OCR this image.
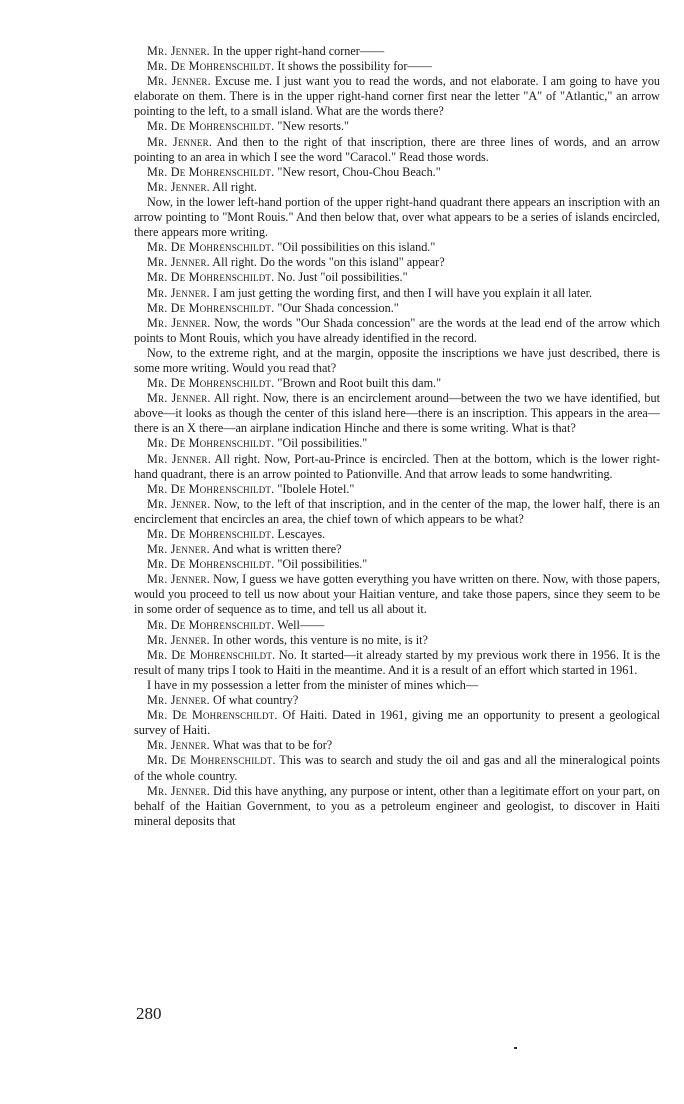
Mr. Jenner. In the upper right-hand corner——

Mr. De Mohrenschildt. It shows the possibility for——

Mr. Jenner. Excuse me. I just want you to read the words, and not elaborate. I am going to have you elaborate on them. There is in the upper right-hand corner first near the letter "A" of "Atlantic," an arrow pointing to the left, to a small island. What are the words there?

Mr. De Mohrenschildt. "New resorts."

Mr. Jenner. And then to the right of that inscription, there are three lines of words, and an arrow pointing to an area in which I see the word "Caracol." Read those words.

Mr. De Mohrenschildt. "New resort, Chou-Chou Beach."

Mr. Jenner. All right.

Now, in the lower left-hand portion of the upper right-hand quadrant there appears an inscription with an arrow pointing to "Mont Rouis." And then below that, over what appears to be a series of islands encircled, there appears more writing.

Mr. De Mohrenschildt. "Oil possibilities on this island."

Mr. Jenner. All right. Do the words "on this island" appear?

Mr. De Mohrenschildt. No. Just "oil possibilities."

Mr. Jenner. I am just getting the wording first, and then I will have you explain it all later.

Mr. De Mohrenschildt. "Our Shada concession."

Mr. Jenner. Now, the words "Our Shada concession" are the words at the lead end of the arrow which points to Mont Rouis, which you have already identified in the record.

Now, to the extreme right, and at the margin, opposite the inscriptions we have just described, there is some more writing. Would you read that?

Mr. De Mohrenschildt. "Brown and Root built this dam."

Mr. Jenner. All right. Now, there is an encirclement around—between the two we have identified, but above—it looks as though the center of this island here—there is an inscription. This appears in the area—there is an X there—an airplane indication Hinche and there is some writing. What is that?

Mr. De Mohrenschildt. "Oil possibilities."

Mr. Jenner. All right. Now, Port-au-Prince is encircled. Then at the bottom, which is the lower right-hand quadrant, there is an arrow pointed to Pationville. And that arrow leads to some handwriting.

Mr. De Mohrenschildt. "Ibolele Hotel."

Mr. Jenner. Now, to the left of that inscription, and in the center of the map, the lower half, there is an encirclement that encircles an area, the chief town of which appears to be what?

Mr. De Mohrenschildt. Lescayes.

Mr. Jenner. And what is written there?

Mr. De Mohrenschildt. "Oil possibilities."

Mr. Jenner. Now, I guess we have gotten everything you have written on there. Now, with those papers, would you proceed to tell us now about your Haitian venture, and take those papers, since they seem to be in some order of sequence as to time, and tell us all about it.

Mr. De Mohrenschildt. Well——

Mr. Jenner. In other words, this venture is no mite, is it?

Mr. De Mohrenschildt. No. It started—it already started by my previous work there in 1956. It is the result of many trips I took to Haiti in the meantime. And it is a result of an effort which started in 1961.

I have in my possession a letter from the minister of mines which—

Mr. Jenner. Of what country?

Mr. De Mohrenschildt. Of Haiti. Dated in 1961, giving me an opportunity to present a geological survey of Haiti.

Mr. Jenner. What was that to be for?

Mr. De Mohrenschildt. This was to search and study the oil and gas and all the mineralogical points of the whole country.

Mr. Jenner. Did this have anything, any purpose or intent, other than a legitimate effort on your part, on behalf of the Haitian Government, to you as a petroleum engineer and geologist, to discover in Haiti mineral deposits that

280
